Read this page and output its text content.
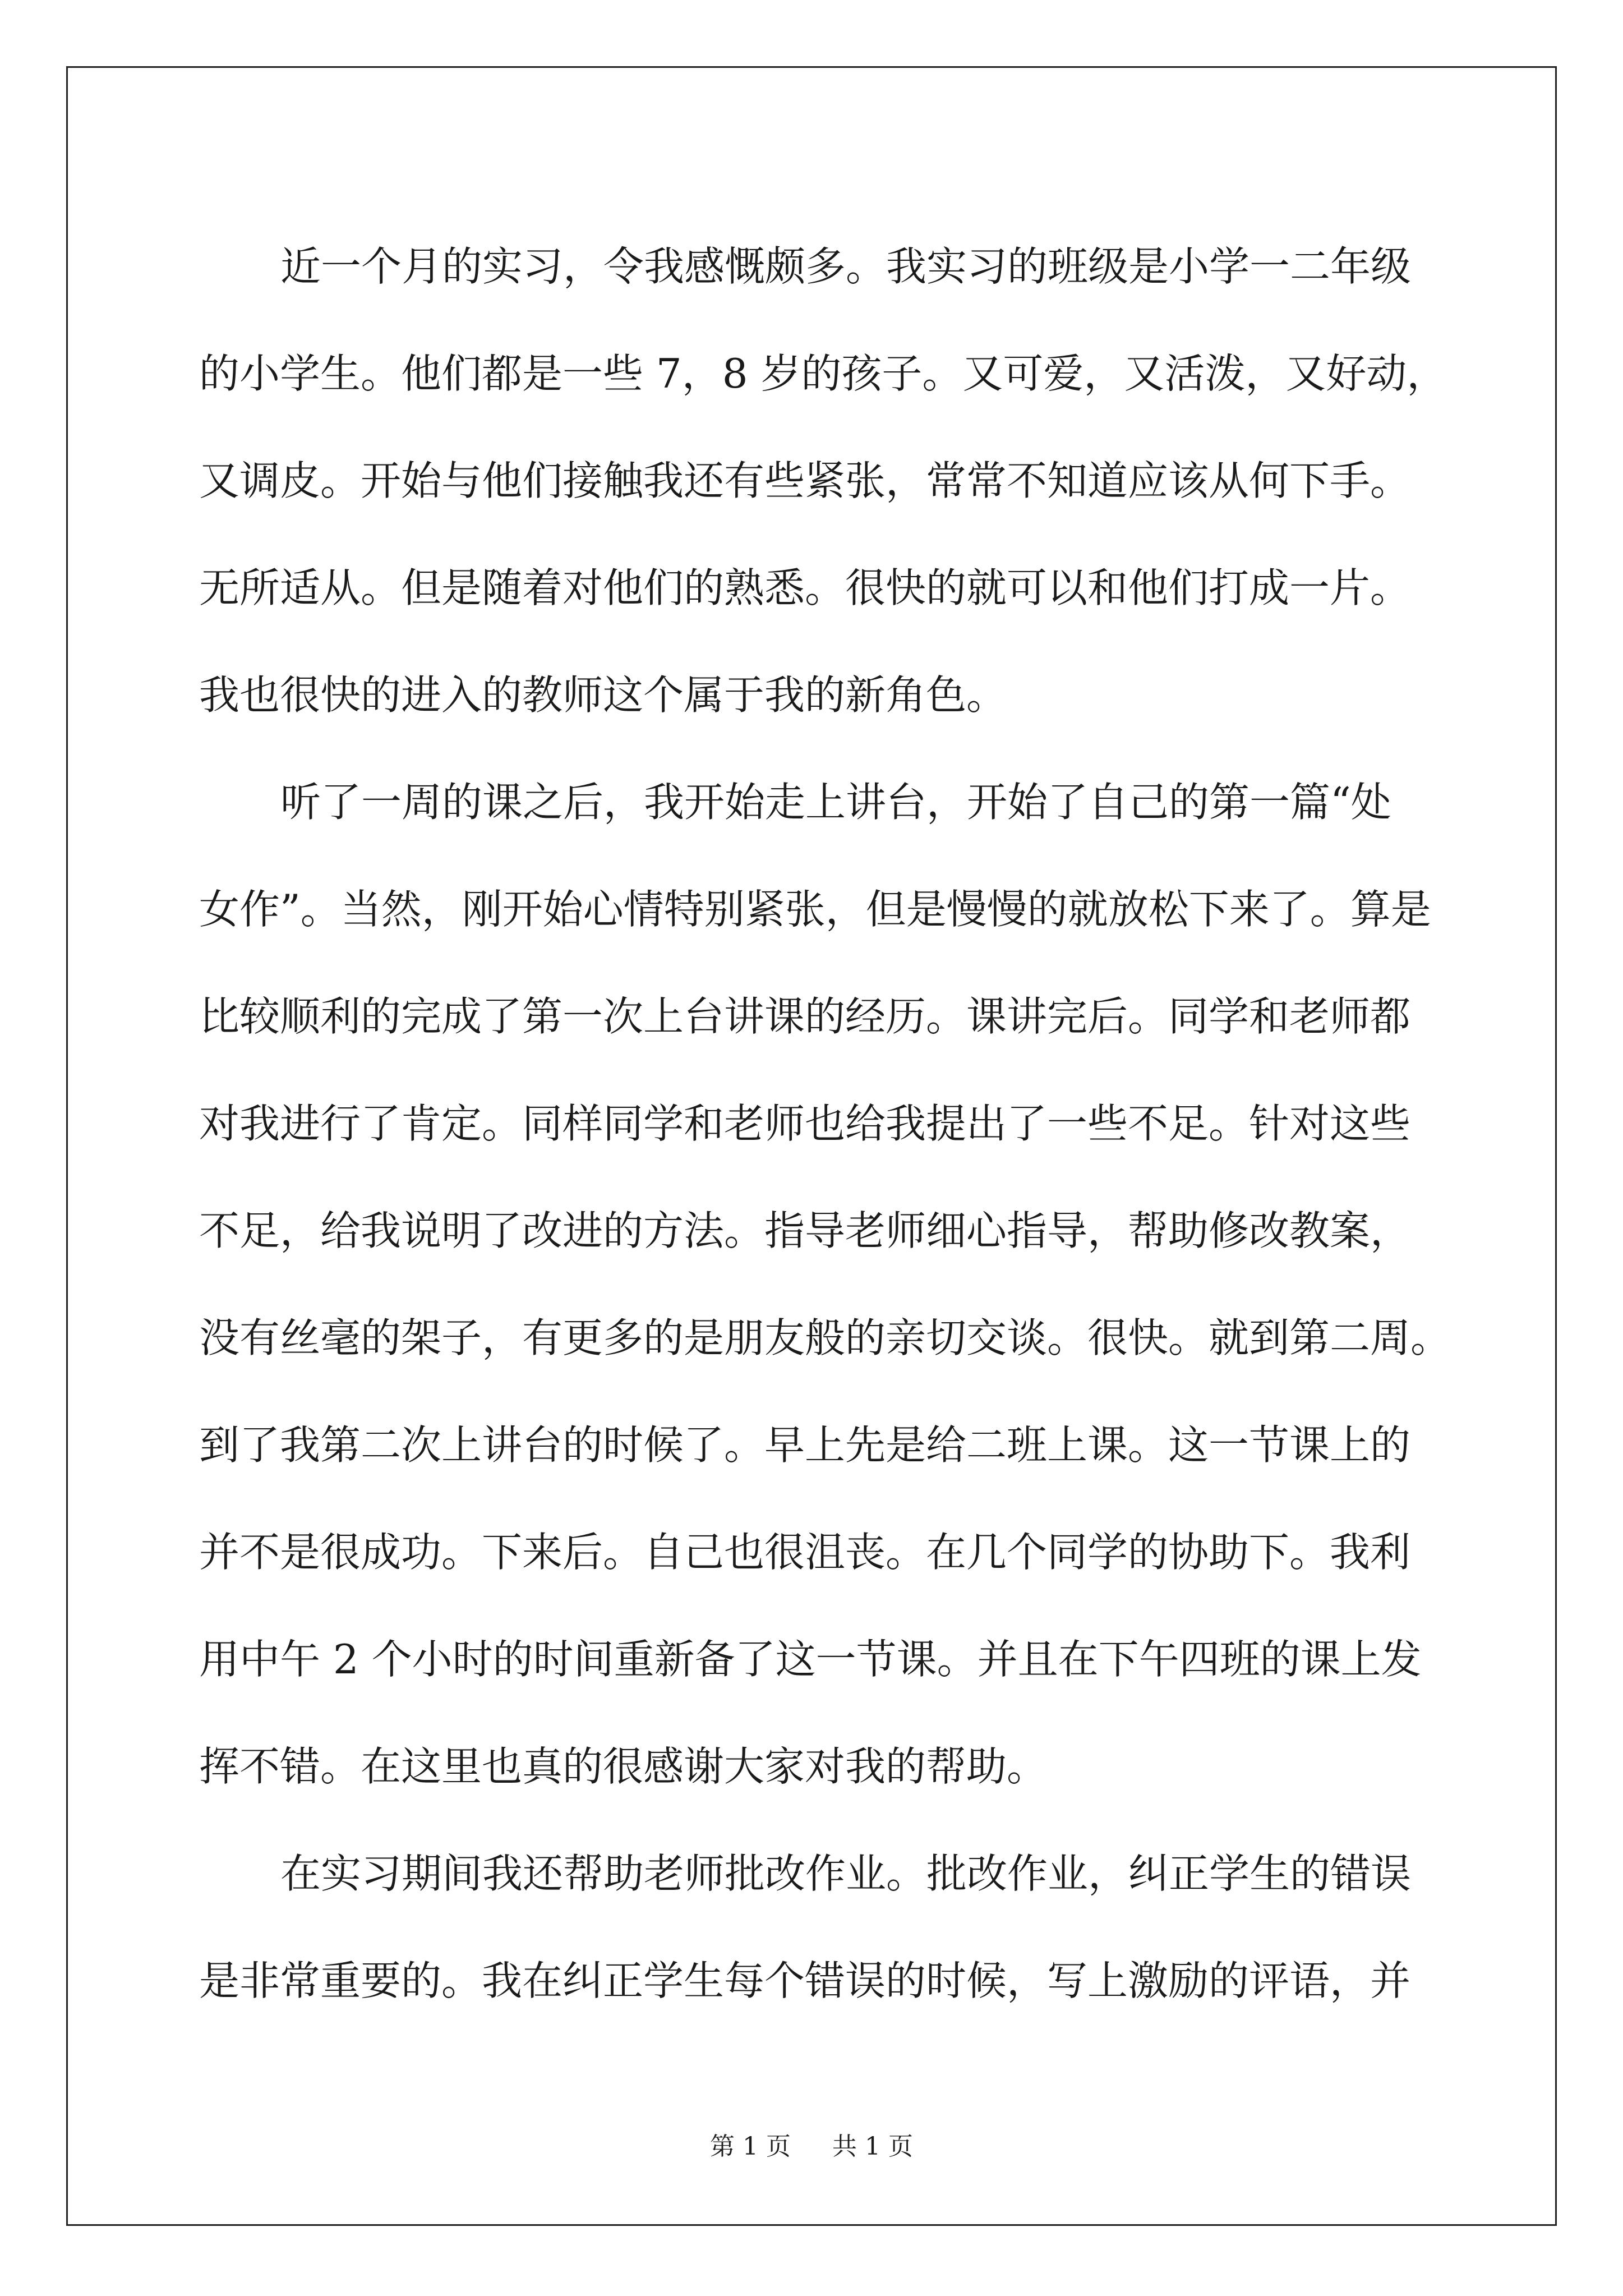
近一个月的实习，令我感慨颇多。我实习的班级是小学一二年级
的小学生。他们都是一些 7，8 岁的孩子。又可爱，又活泼，又好动，
又调皮。开始与他们接触我还有些紧张，常常不知道应该从何下手。
无所适从。但是随着对他们的熟悉。很快的就可以和他们打成一片。
我也很快的进入的教师这个属于我的新角色。
听了一周的课之后，我开始走上讲台，开始了自己的第一篇“处
女作”。当然，刚开始心情特别紧张，但是慢慢的就放松下来了。算是
比较顺利的完成了第一次上台讲课的经历。课讲完后。同学和老师都
对我进行了肯定。同样同学和老师也给我提出了一些不足。针对这些
不足，给我说明了改进的方法。指导老师细心指导，帮助修改教案，
没有丝毫的架子，有更多的是朋友般的亲切交谈。很快。就到第二周。
到了我第二次上讲台的时候了。早上先是给二班上课。这一节课上的
并不是很成功。下来后。自己也很沮丧。在几个同学的协助下。我利
用中午 2 个小时的时间重新备了这一节课。并且在下午四班的课上发
挥不错。在这里也真的很感谢大家对我的帮助。
在实习期间我还帮助老师批改作业。批改作业，纠正学生的错误
是非常重要的。我在纠正学生每个错误的时候，写上激励的评语，并
第 1 页 共 1 页
